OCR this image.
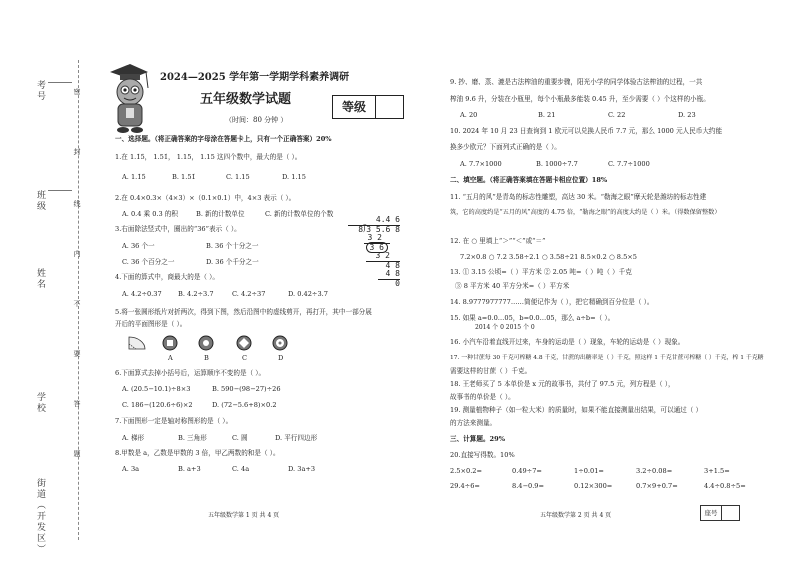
考号
班级
姓名
学校
街道（开发区）
密
封
线
内
不
要
答
题
2024—2025 学年第一学期学科素养调研
五年级数学试题
（时间：80 分钟 ）
等级
一、选择题。（将正确答案的字母涂在答题卡上，只有一个正确答案）20%
1.在 1.1̇5̇， 1.51̇， 1.15， 1.15 这四个数中，最大的是（ ）。
A. 1.1̇5̇	B. 1.51̇	C. 1.15	D. 1.15
2.在 0.4×0.3×（4×3）×（0.1×0.1）中，4×3 表示（ ）。
A. 0.4 乘 0.3 的积	B. 新的计数单位	C. 新的计数单位的个数
3.右面除法竖式中，圈出的“36”表示（ ）。
A. 36 个一	B. 36 个十分之一
C. 36 个百分之一	D. 36 个千分之一
4.下面的算式中，商最大的是（ ）。
A. 4.2÷0.37 B. 4.2÷3.7	C. 4.2÷37	D. 0.42÷3.7
5.将一张圆形纸片对折两次，得到下图，然后沿图中的虚线剪开，再打开，其中一部分展开后的平面图形是（ ）。
A	B	C	D
6.下面算式去掉小括号后，运算顺序不变的是（ ）。
A. (20.5−10.1)÷8×3	B. 590−(98−27)÷26
C. 186−(120.6÷6)×2	D. (72−5.6+8)×0.2
7.下面图形一定是轴对称图形的是（ ）。
A. 梯形	B. 三角形	C. 圆	D. 平行四边形
8.甲数是 a，乙数是甲数的 3 倍，甲乙两数的和是（ ）。
A. 3a	B. a+3	C. 4a	D. 3a+3
4.4 6
8⟌3 5.6 8
3 2
3 6
3 2
4 8
4 8
0
五年级数学第 1 页 共 4 页
9. 抄、磨、蒸、漉是古法榨油的重要步骤，阳光小学的同学体验古法榨油的过程，一共
榨油 9.6 升，分装在小瓶里，每个小瓶最多能装 0.45 升，至少需要（ ）个这样的小瓶。
A. 20	B. 21	C. 22	D. 23
10. 2024 年 10 月 23 日查询到 1 欧元可以兑换人民币 7.7 元，那么 1000 元人民币大约能
换多少欧元？下面列式正确的是（ ）。
A. 7.7×1000	B. 1000÷7.7	C. 7.7÷1000
二、填空题。（将正确答案填在答题卡相应位置）18%
11. “五月的风”是青岛的标志性雕塑，高达 30 米。“勒海之眼”摩天轮是潍坊的标志性建
筑，它的高度约是“五月的风”高度的 4.75 倍，“勒海之眼”的高度大约是（ ）米。（得数保留整数）
12. 在 ○ 里填上“＞”“＜”或“＝”
7.2×0.8 ○ 7.2 3.58÷2.1 ○ 3.58÷21 8.5×0.2 ○ 8.5×5
13. ① 3.15 公顷=（ ）平方米 ② 2.05 吨=（ ）吨（ ）千克
③ 8 平方米 40 平方分米=（ ）平方米
14. 8.9777977777……简便记作为（ ），把它精确到百分位是（ ）。
15. 如果 a=0.0…05，b=0.0…05，那么 a÷b=（ ）。
2014 个 0 2015 个 0
16. 小汽车沿着直线开过来，车身的运动是（ ）现象，车轮的运动是（ ）现象。
17. 一种甘蔗每 30 千克可榨糖 4.8 千克，甘蔗的出糖率是（ ）千克，照这样 1 千克甘蔗可榨糖（ ）千克，榨 1 千克糖
需要这样的甘蔗（ ）千克。
18. 王老师买了 5 本单价是 x 元的故事书，共付了 97.5 元，列方程是（ ），
故事书的单价是（ ）。
19. 测量植物种子（如一粒大米）的质量时，如果不能直接测量出结果，可以通过（ ）
的方法来测量。
三、计算题。29%
20.直接写得数。10%
2.5×0.2=	0.49÷7=	1÷0.01=	3.2÷0.08=	3+1.5=
29.4÷6=	8.4−0.9=	0.12×300=	0.7×9+0.7=	4.4÷0.8÷5=
五年级数学第 2 页 共 4 页	座号
